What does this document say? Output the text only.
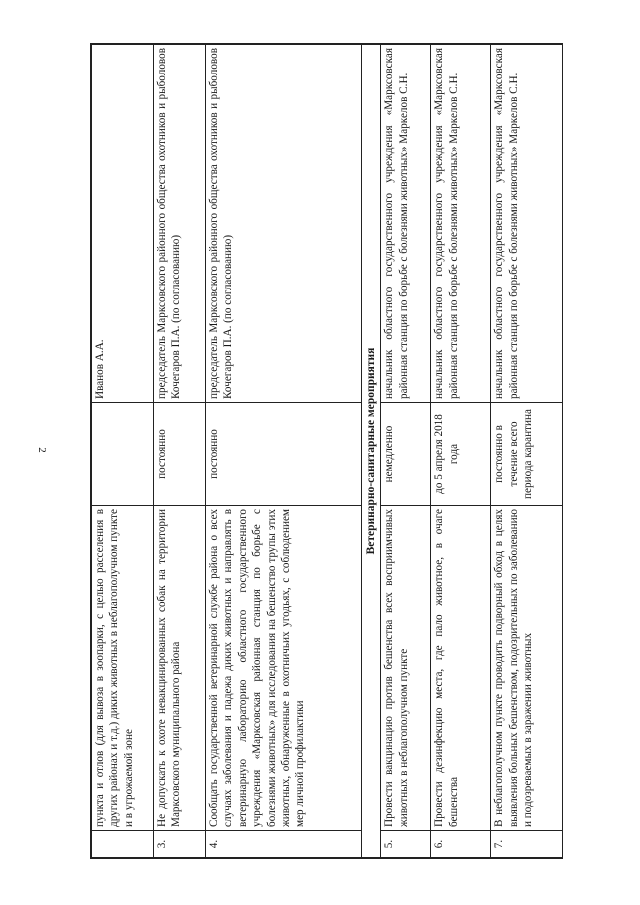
2
	пункта и отлов (для вывоза в зоопарки, с целью расселения в других районах и т.д.) диких животных в неблагополучном пункте и в угрожаемой зоне		Иванов А.А.
3.	Не допускать к охоте невакцинированных собак на территории Марксовского муниципального района	постоянно	председатель Марксовского районного общества охотников и рыболовов Кочегаров П.А. (по согласованию)
4.	Сообщать государственной ветеринарной службе района о всех случаях заболевания и падежа диких животных и направлять в ветеринарную лабораторию областного государственного учреждения «Марксовская районная станция по борьбе с болезнями животных» для исследования на бешенство трупы этих животных, обнаруженные в охотничьих угодьях, с соблюдением мер личной профилактики	постоянно	председатель Марксовского районного общества охотников и рыболовов Кочегаров П.А. (по согласованию)
Ветеринарно-санитарные мероприятия			
5.	Провести вакцинацию против бешенства всех восприимчивых животных в неблагополучном пункте	немедленно	начальник областного государственного учреждения «Марксовская районная станция по борьбе с болезнями животных» Маркелов С.Н.
6.	Провести дезинфекцию места, где пало животное, в очаге бешенства	до 5 апреля 2018 года	начальник областного государственного учреждения «Марксовская районная станция по борьбе с болезнями животных» Маркелов С.Н.
7.	В неблагополучном пункте проводить подворный обход в целях выявления больных бешенством, подозрительных по заболеванию и подозреваемых в заражении животных	постоянно в течение всего периода карантина	начальник областного государственного учреждения «Марксовская районная станция по борьбе с болезнями животных» Маркелов С.Н.
